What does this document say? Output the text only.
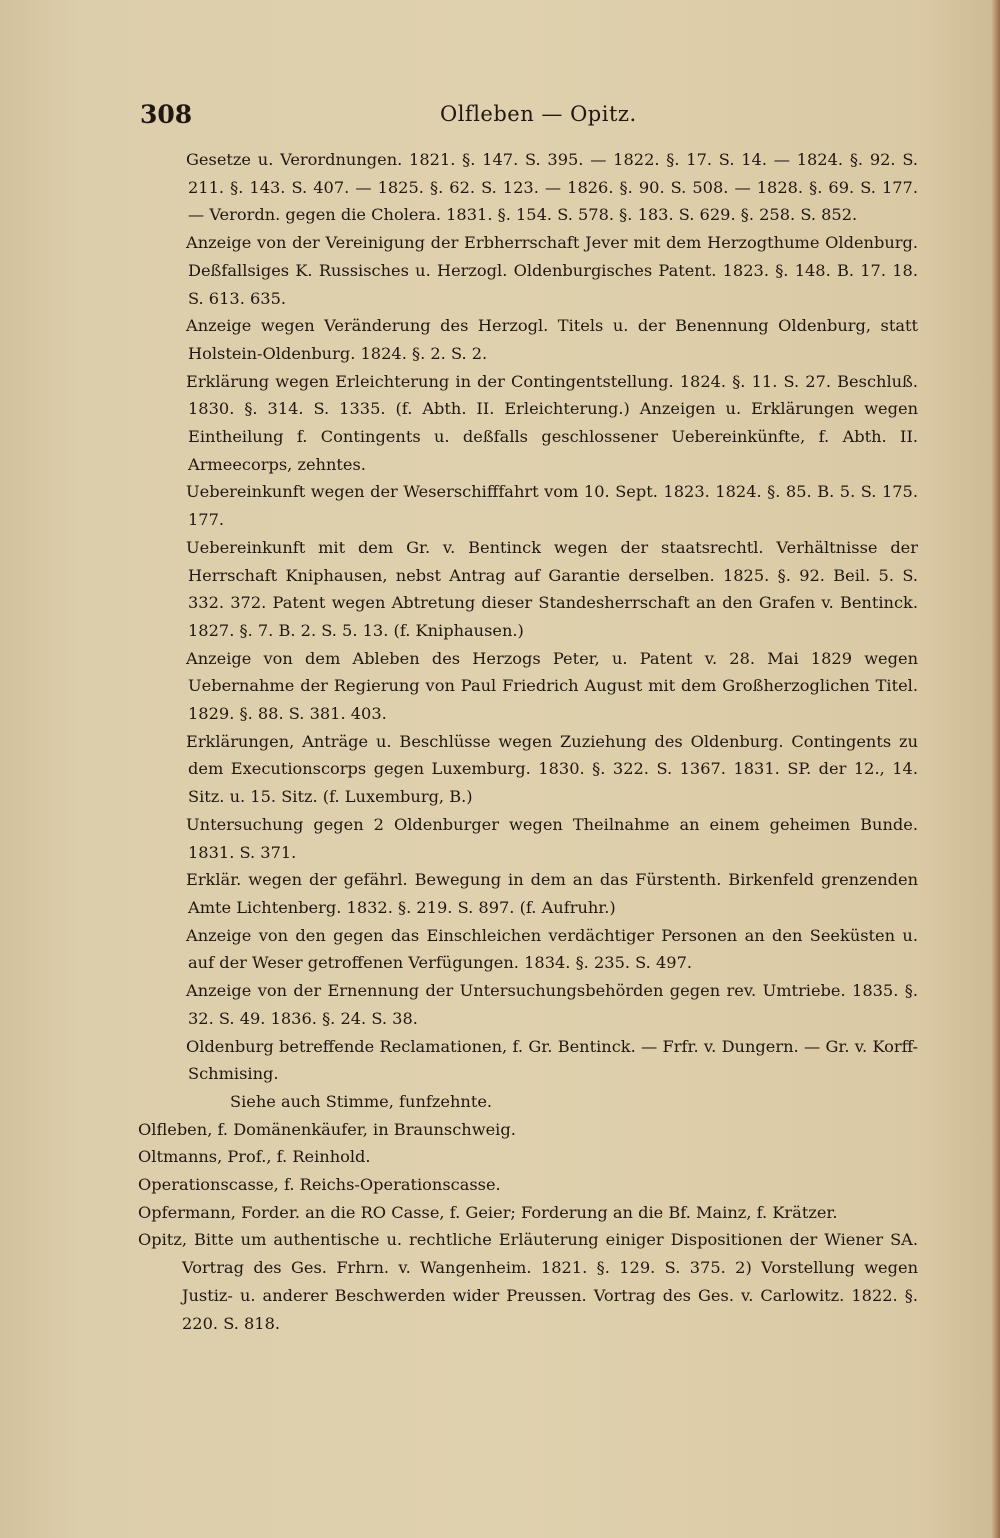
308	Olfleben — Opitz.

Gesetze u. Verordnungen. 1821. §. 147. S. 395. — 1822. §. 17. S. 14. — 1824. §. 92. S. 211. §. 143. S. 407. — 1825. §. 62. S. 123. — 1826. §. 90. S. 508. — 1828. §. 69. S. 177. — Verordn. gegen die Cholera. 1831. §. 154. S. 578. §. 183. S. 629. §. 258. S. 852.

Anzeige von der Vereinigung der Erbherrschaft Jever mit dem Herzogthume Oldenburg. Deßfallsiges K. Russisches u. Herzogl. Oldenburgisches Patent. 1823. §. 148. B. 17. 18. S. 613. 635.

Anzeige wegen Veränderung des Herzogl. Titels u. der Benennung Oldenburg, statt Holstein-Oldenburg. 1824. §. 2. S. 2.

Erklärung wegen Erleichterung in der Contingentstellung. 1824. §. 11. S. 27. Beschluß. 1830. §. 314. S. 1335. (f. Abth. II. Erleichterung.) Anzeigen u. Erklärungen wegen Eintheilung f. Contingents u. deßfalls geschlossener Uebereinkünfte, f. Abth. II. Armeecorps, zehntes.

Uebereinkunft wegen der Weserschifffahrt vom 10. Sept. 1823. 1824. §. 85. B. 5. S. 175. 177.

Uebereinkunft mit dem Gr. v. Bentinck wegen der staatsrechtl. Verhältnisse der Herrschaft Kniphausen, nebst Antrag auf Garantie derselben. 1825. §. 92. Beil. 5. S. 332. 372. Patent wegen Abtretung dieser Standesherrschaft an den Grafen v. Bentinck. 1827. §. 7. B. 2. S. 5. 13. (f. Kniphausen.)

Anzeige von dem Ableben des Herzogs Peter, u. Patent v. 28. Mai 1829 wegen Uebernahme der Regierung von Paul Friedrich August mit dem Großherzoglichen Titel. 1829. §. 88. S. 381. 403.

Erklärungen, Anträge u. Beschlüsse wegen Zuziehung des Oldenburg. Contingents zu dem Executionscorps gegen Luxemburg. 1830. §. 322. S. 1367. 1831. SP. der 12., 14. Sitz. u. 15. Sitz. (f. Luxemburg, B.)

Untersuchung gegen 2 Oldenburger wegen Theilnahme an einem geheimen Bunde. 1831. S. 371.

Erklär. wegen der gefährl. Bewegung in dem an das Fürstenth. Birkenfeld grenzenden Amte Lichtenberg. 1832. §. 219. S. 897. (f. Aufruhr.)

Anzeige von den gegen das Einschleichen verdächtiger Personen an den Seeküsten u. auf der Weser getroffenen Verfügungen. 1834. §. 235. S. 497.

Anzeige von der Ernennung der Untersuchungsbehörden gegen rev. Umtriebe. 1835. §. 32. S. 49. 1836. §. 24. S. 38.

Oldenburg betreffende Reclamationen, f. Gr. Bentinck. — Frfr. v. Dungern. — Gr. v. Korff-Schmising.

Siehe auch Stimme, funfzehnte.

Olfleben, f. Domänenkäufer, in Braunschweig.

Oltmanns, Prof., f. Reinhold.

Operationscasse, f. Reichs-Operationscasse.

Opfermann, Forder. an die RO Casse, f. Geier; Forderung an die Bf. Mainz, f. Krätzer.

Opitz, Bitte um authentische u. rechtliche Erläuterung einiger Dispositionen der Wiener SA. Vortrag des Ges. Frhrn. v. Wangenheim. 1821. §. 129. S. 375. 2) Vorstellung wegen Justiz- u. anderer Beschwerden wider Preussen. Vortrag des Ges. v. Carlowitz. 1822. §. 220. S. 818.
